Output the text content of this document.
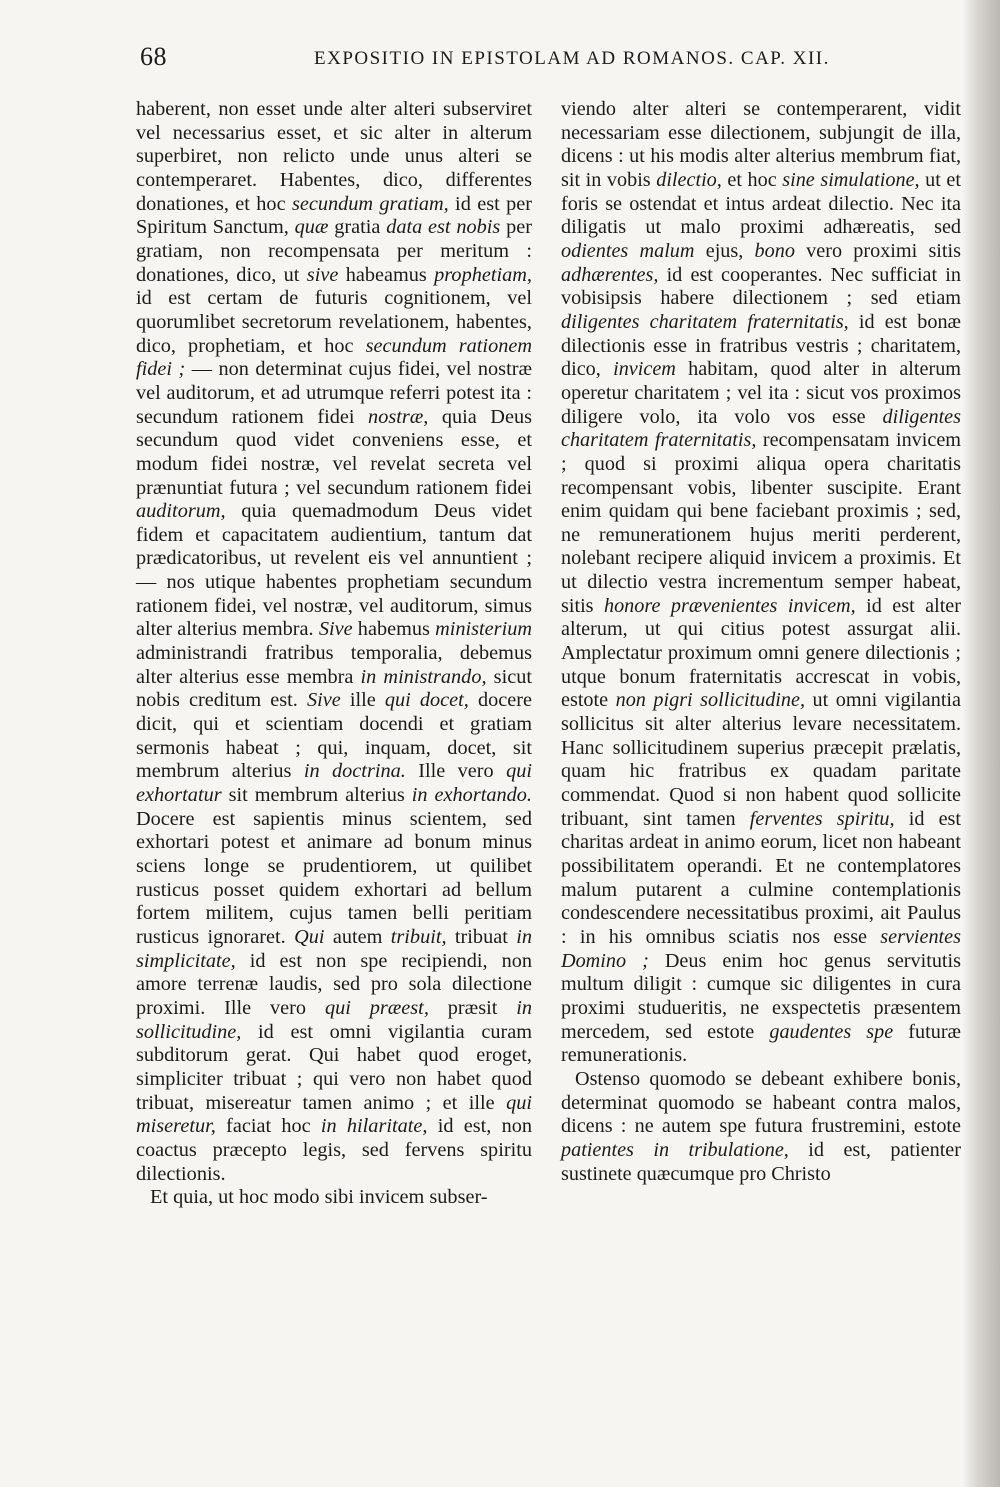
68	EXPOSITIO IN EPISTOLAM AD ROMANOS. CAP. XII.

haberent, non esset unde alter alteri subserviret vel necessarius esset, et sic alter in alterum superbiret, non relicto unde unus alteri se contemperaret. Habentes, dico, differentes donationes, et hoc secundum gratiam, id est per Spiritum Sanctum, quæ gratia data est nobis per gratiam, non recompensata per meritum : donationes, dico, ut sive habeamus prophetiam, id est certam de futuris cognitionem, vel quorumlibet secretorum revelationem, habentes, dico, prophetiam, et hoc secundum rationem fidei ; — non determinat cujus fidei, vel nostræ vel auditorum, et ad utrumque referri potest ita : secundum rationem fidei nostræ, quia Deus secundum quod videt conveniens esse, et modum fidei nostræ, vel revelat secreta vel prænuntiat futura ; vel secundum rationem fidei auditorum, quia quemadmodum Deus videt fidem et capacitatem audientium, tantum dat prædicatoribus, ut revelent eis vel annuntient ; — nos utique habentes prophetiam secundum rationem fidei, vel nostræ, vel auditorum, simus alter alterius membra. Sive habemus ministerium administrandi fratribus temporalia, debemus alter alterius esse membra in ministrando, sicut nobis creditum est. Sive ille qui docet, docere dicit, qui et scientiam docendi et gratiam sermonis habeat ; qui, inquam, docet, sit membrum alterius in doctrina. Ille vero qui exhortatur sit membrum alterius in exhortando. Docere est sapientis minus scientem, sed exhortari potest et animare ad bonum minus sciens longe se prudentiorem, ut quilibet rusticus posset quidem exhortari ad bellum fortem militem, cujus tamen belli peritiam rusticus ignoraret. Qui autem tribuit, tribuat in simplicitate, id est non spe recipiendi, non amore terrenæ laudis, sed pro sola dilectione proximi. Ille vero qui præest, præsit in sollicitudine, id est omni vigilantia curam subditorum gerat. Qui habet quod eroget, simpliciter tribuat ; qui vero non habet quod tribuat, misereatur tamen animo ; et ille qui miseretur, faciat hoc in hilaritate, id est, non coactus præcepto legis, sed fervens spiritu dilectionis.

Et quia, ut hoc modo sibi invicem subser-

viendo alter alteri se contemperarent, vidit necessariam esse dilectionem, subjungit de illa, dicens : ut his modis alter alterius membrum fiat, sit in vobis dilectio, et hoc sine simulatione, ut et foris se ostendat et intus ardeat dilectio. Nec ita diligatis ut malo proximi adhæreatis, sed odientes malum ejus, bono vero proximi sitis adhærentes, id est cooperantes. Nec sufficiat in vobisipsis habere dilectionem ; sed etiam diligentes charitatem fraternitatis, id est bonæ dilectionis esse in fratribus vestris ; charitatem, dico, invicem habitam, quod alter in alterum operetur charitatem ; vel ita : sicut vos proximos diligere volo, ita volo vos esse diligentes charitatem fraternitatis, recompensatam invicem ; quod si proximi aliqua opera charitatis recompensant vobis, libenter suscipite. Erant enim quidam qui bene faciebant proximis ; sed, ne remunerationem hujus meriti perderent, nolebant recipere aliquid invicem a proximis. Et ut dilectio vestra incrementum semper habeat, sitis honore prævenientes invicem, id est alter alterum, ut qui citius potest assurgat alii. Amplectatur proximum omni genere dilectionis ; utque bonum fraternitatis accrescat in vobis, estote non pigri sollicitudine, ut omni vigilantia sollicitus sit alter alterius levare necessitatem. Hanc sollicitudinem superius præcepit prælatis, quam hic fratribus ex quadam paritate commendat. Quod si non habent quod sollicite tribuant, sint tamen ferventes spiritu, id est charitas ardeat in animo eorum, licet non habeant possibilitatem operandi. Et ne contemplatores malum putarent a culmine contemplationis condescendere necessitatibus proximi, ait Paulus : in his omnibus sciatis nos esse servientes Domino ; Deus enim hoc genus servitutis multum diligit : cumque sic diligentes in cura proximi studueritis, ne exspectetis præsentem mercedem, sed estote gaudentes spe futuræ remunerationis.

Ostenso quomodo se debeant exhibere bonis, determinat quomodo se habeant contra malos, dicens : ne autem spe futura frustremini, estote patientes in tribulatione, id est, patienter sustinete quæcumque pro Christo
